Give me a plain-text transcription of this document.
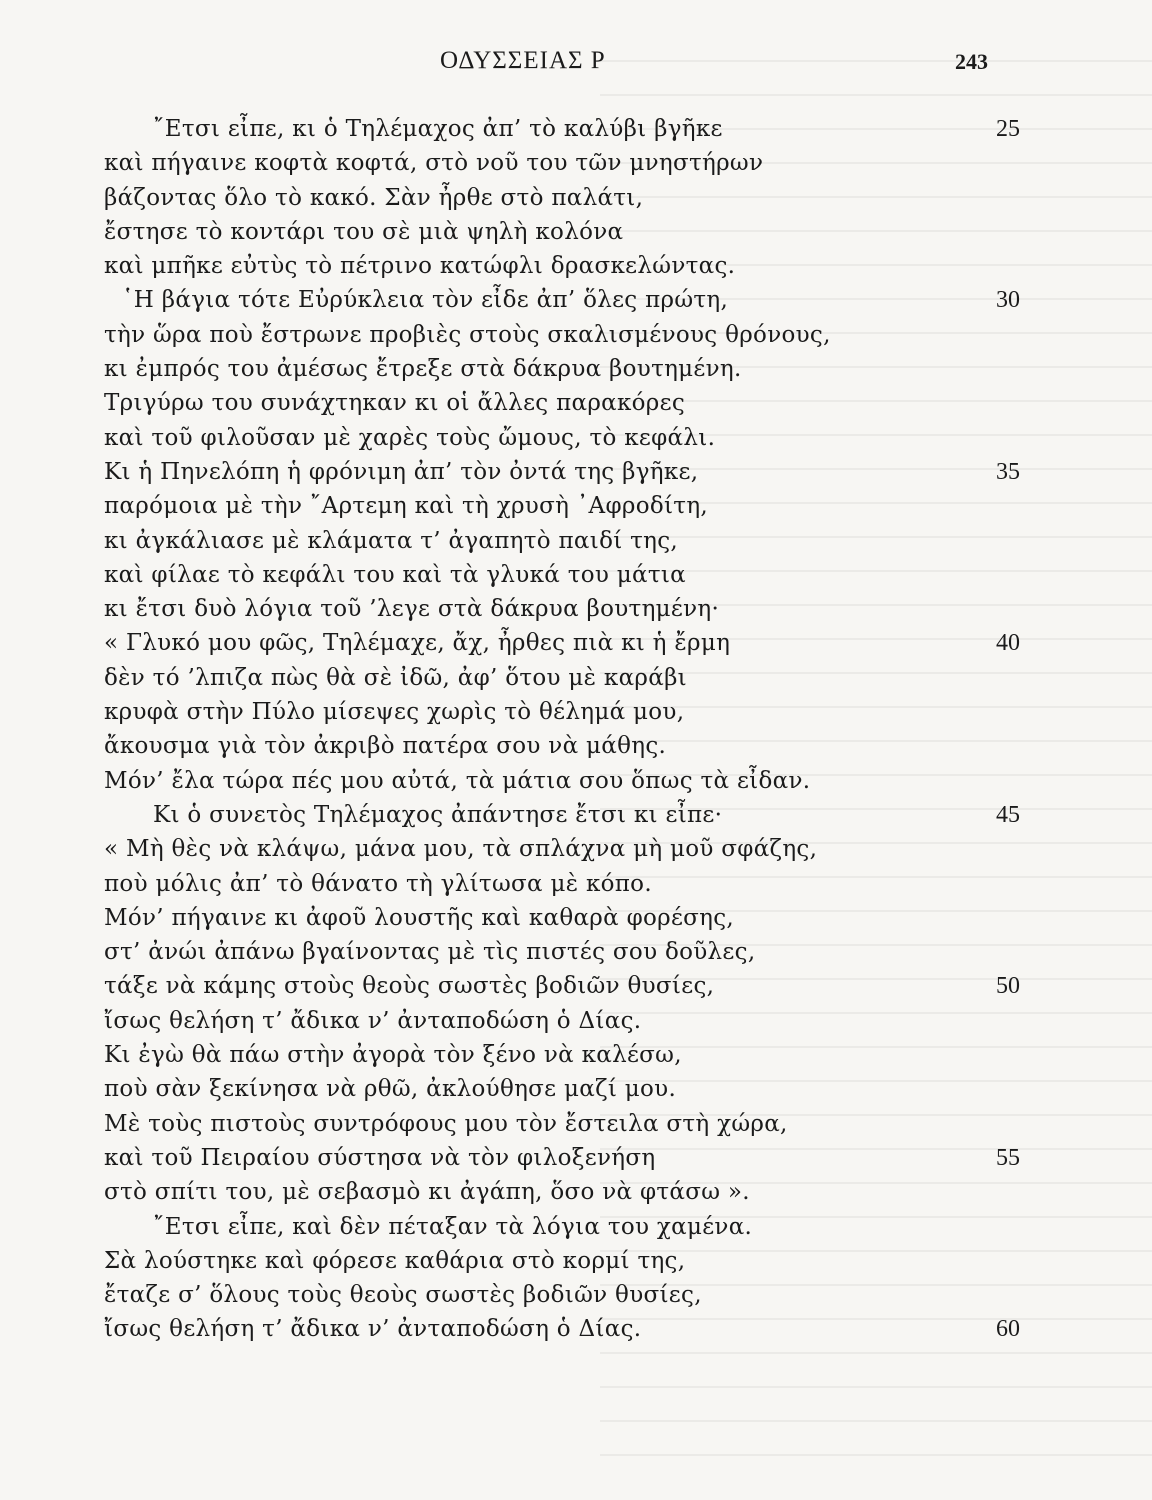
ΟΔΥΣΣΕΙΑΣ Ρ	243
῎Ετσι εἶπε, κι ὁ Τηλέμαχος ἀπ’ τὸ καλύβι βγῆκε	25
καὶ πήγαινε κοφτὰ κοφτά, στὸ νοῦ του τῶν μνηστήρων
βάζοντας ὅλο τὸ κακό. Σὰν ἦρθε στὸ παλάτι,
ἔστησε τὸ κοντάρι του σὲ μιὰ ψηλὴ κολόνα
καὶ μπῆκε εὐτὺς τὸ πέτρινο κατώφλι δρασκελώντας.
῾Η βάγια τότε Εὐρύκλεια τὸν εἶδε ἀπ’ ὅλες πρώτη,	30
τὴν ὥρα ποὺ ἔστρωνε προβιὲς στοὺς σκαλισμένους θρόνους,
κι ἐμπρός του ἀμέσως ἔτρεξε στὰ δάκρυα βουτημένη.
Τριγύρω του συνάχτηκαν κι οἱ ἄλλες παρακόρες
καὶ τοῦ φιλοῦσαν μὲ χαρὲς τοὺς ὤμους, τὸ κεφάλι.
Κι ἡ Πηνελόπη ἡ φρόνιμη ἀπ’ τὸν ὀντά της βγῆκε,	35
παρόμοια μὲ τὴν ῎Αρτεμη καὶ τὴ χρυσὴ ᾿Αφροδίτη,
κι ἀγκάλιασε μὲ κλάματα τ’ ἀγαπητὸ παιδί της,
καὶ φίλαε τὸ κεφάλι του καὶ τὰ γλυκά του μάτια
κι ἔτσι δυὸ λόγια τοῦ ’λεγε στὰ δάκρυα βουτημένη·
« Γλυκό μου φῶς, Τηλέμαχε, ἄχ, ἦρθες πιὰ κι ἡ ἔρμη	40
δὲν τό ’λπιζα πὼς θὰ σὲ ἰδῶ, ἀφ’ ὅτου μὲ καράβι
κρυφὰ στὴν Πύλο μίσεψες χωρὶς τὸ θέλημά μου,
ἄκουσμα γιὰ τὸν ἀκριβὸ πατέρα σου νὰ μάθης.
Μόν’ ἔλα τώρα πές μου αὐτά, τὰ μάτια σου ὅπως τὰ εἶδαν.
Κι ὁ συνετὸς Τηλέμαχος ἀπάντησε ἔτσι κι εἶπε·	45
« Μὴ θὲς νὰ κλάψω, μάνα μου, τὰ σπλάχνα μὴ μοῦ σφάζης,
ποὺ μόλις ἀπ’ τὸ θάνατο τὴ γλίτωσα μὲ κόπο.
Μόν’ πήγαινε κι ἀφοῦ λουστῆς καὶ καθαρὰ φορέσης,
στ’ ἀνώι ἀπάνω βγαίνοντας μὲ τὶς πιστές σου δοῦλες,
τάξε νὰ κάμης στοὺς θεοὺς σωστὲς βοδιῶν θυσίες,	50
ἴσως θελήση τ’ ἄδικα ν’ ἀνταποδώση ὁ Δίας.
Κι ἐγὼ θὰ πάω στὴν ἀγορὰ τὸν ξένο νὰ καλέσω,
ποὺ σὰν ξεκίνησα νὰ ρθῶ, ἀκλούθησε μαζί μου.
Μὲ τοὺς πιστοὺς συντρόφους μου τὸν ἔστειλα στὴ χώρα,
καὶ τοῦ Πειραίου σύστησα νὰ τὸν φιλοξενήση	55
στὸ σπίτι του, μὲ σεβασμὸ κι ἀγάπη, ὅσο νὰ φτάσω ».
῎Ετσι εἶπε, καὶ δὲν πέταξαν τὰ λόγια του χαμένα.
Σὰ λούστηκε καὶ φόρεσε καθάρια στὸ κορμί της,
ἔταζε σ’ ὅλους τοὺς θεοὺς σωστὲς βοδιῶν θυσίες,
ἴσως θελήση τ’ ἄδικα ν’ ἀνταποδώση ὁ Δίας.	60
